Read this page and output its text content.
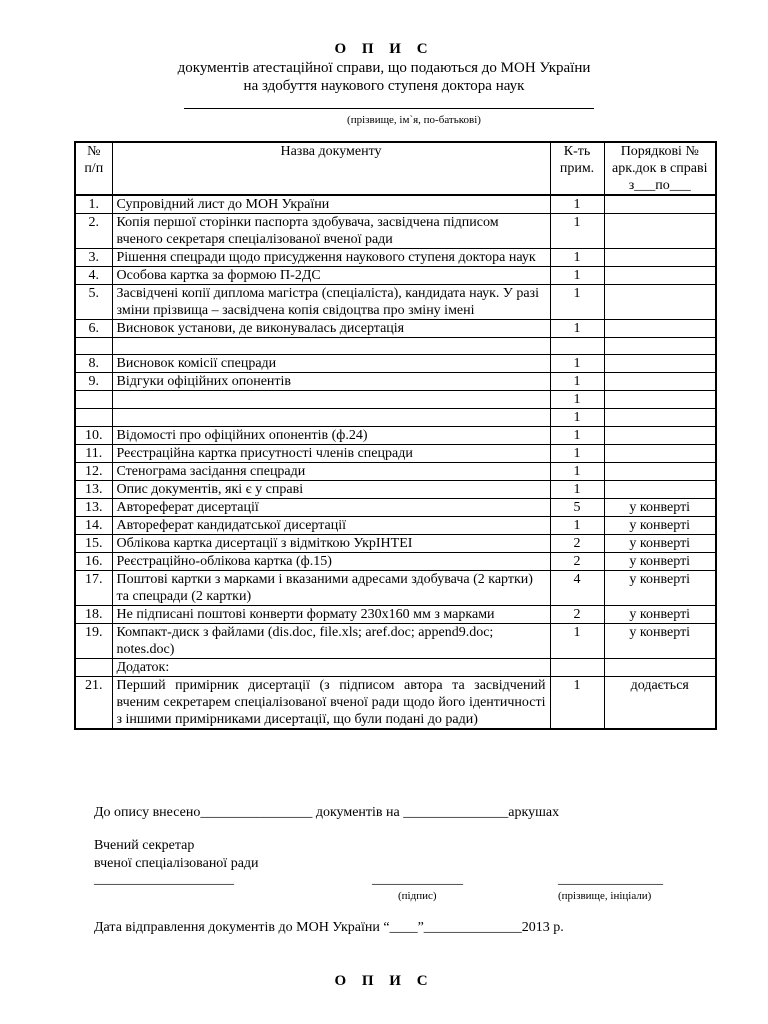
О П И С
документів атестаційної справи, що подаються до МОН України
на здобуття наукового ступеня доктора наук
(прізвище, ім`я, по-батькові)
№ п/п	Назва документу	К-ть прим.	Порядкові № арк.док в справі з___по___
1.	Супровідний лист до МОН України	1	
2.	Копія першої сторінки паспорта здобувача, засвідчена підписом вченого секретаря спеціалізованої вченої ради	1	
3.	Рішення спецради щодо присудження наукового ступеня доктора наук	1	
4.	Особова картка за формою П-2ДС	1	
5.	Засвідчені копії диплома магістра (спеціаліста), кандидата наук. У разі зміни прізвища – засвідчена копія свідоцтва про зміну імені	1	
6.	Висновок установи, де виконувалась дисертація	1	

8.	Висновок комісії спецради	1	
9.	Відгуки офіційних опонентів	1	
		1	
		1	
10.	Відомості про офіційних опонентів (ф.24)	1	
11.	Реєстраційна картка присутності членів спецради	1	
12.	Стенограма засідання спецради	1	
13.	Опис документів, які є у справі	1	
13.	Автореферат дисертації	5	у конверті
14.	Автореферат кандидатської дисертації	1	у конверті
15.	Облікова картка дисертації з відміткою УкрІНТЕІ	2	у конверті
16.	Реєстраційно-облікова картка (ф.15)	2	у конверті
17.	Поштові картки з марками і вказаними адресами здобувача (2 картки) та спецради (2 картки)	4	у конверті
18.	Не підписані поштові конверти формату 230х160 мм з марками	2	у конверті
19.	Компакт-диск з файлами (dis.doc, file.xls; aref.doc; append9.doc; notes.doc)	1	у конверті
	Додаток:		
21.	Перший примірник дисертації (з підписом автора та засвідчений вченим секретарем спеціалізованої вченої ради щодо його ідентичності з іншими примірниками дисертації, що були подані до ради)	1	додається
До опису внесено________________ документів на _______________аркушах
Вчений секретар
вченої спеціалізованої ради
____________________	_____________
(підпис)
_______________
(прізвище, ініціали)
Дата відправлення документів до МОН України “____”______________2013 р.
О П И С
